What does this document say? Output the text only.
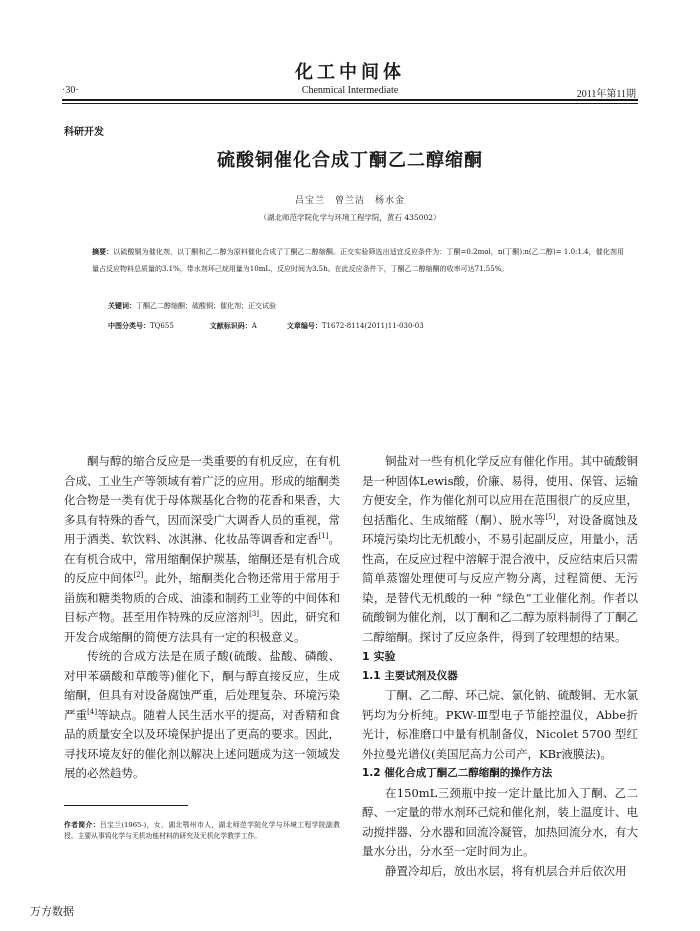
化工中间体
·30·	Chenmical Intermediate	2011年第11期
科研开发
硫酸铜催化合成丁酮乙二醇缩酮
吕宝兰　曾兰洁　杨水金
（湖北师范学院化学与环境工程学院，黄石 435002）
摘要：以硫酸铜为催化剂，以丁酮和乙二醇为原料催化合成了丁酮乙二醇缩酮。正交实验筛选出适宜反应条件为：丁酮=0.2mol，n(丁酮):n(乙二醇)= 1.0:1.4，催化剂用量占反应物料总质量的3.1%，带水剂环己烷用量为10mL，反应时间为3.5h。在此反应条件下，丁酮乙二醇缩酮的收率可达71.55%。
关键词：丁酮乙二醇缩酮；硫酸铜；催化剂；正交试验
中图分类号：TQ655	文献标识码：A	文章编号：T1672-8114(2011)11-030-03

酮与醇的缩合反应是一类重要的有机反应，在有机合成、工业生产等领域有着广泛的应用。形成的缩酮类化合物是一类有优于母体羰基化合物的花香和果香，大多具有特殊的香气，因而深受广大调香人员的重视，常用于酒类、软饮料、冰淇淋、化妆品等调香和定香[1]。在有机合成中，常用缩酮保护羰基，缩酮还是有机合成的反应中间体[2]。此外，缩酮类化合物还常用于常用于甾族和糖类物质的合成、油漆和制药工业等的中间体和目标产物。甚至用作特殊的反应溶剂[3]。因此，研究和开发合成缩酮的简便方法具有一定的积极意义。

传统的合成方法是在质子酸(硫酸、盐酸、磷酸、对甲苯磺酸和草酸等)催化下，酮与醇直接反应，生成缩酮，但具有对设备腐蚀严重，后处理复杂、环境污染严重[4]等缺点。随着人民生活水平的提高，对香精和食品的质量安全以及环境保护提出了更高的要求。因此，寻找环境友好的催化剂以解决上述问题成为这一领域发展的必然趋势。

铜盐对一些有机化学反应有催化作用。其中硫酸铜是一种固体Lewis酸，价廉、易得，使用、保管、运输方便安全，作为催化剂可以应用在范围很广的反应里，包括酯化、生成缩醛（酮）、脱水等[5]，对设备腐蚀及环境污染均比无机酸小，不易引起副反应，用量小，活性高，在反应过程中溶解于混合液中，反应结束后只需简单蒸馏处理便可与反应产物分离，过程简便、无污染，是替代无机酸的一种 “绿色”工业催化剂。作者以硫酸铜为催化剂，以丁酮和乙二醇为原料制得了丁酮乙二醇缩酮。探讨了反应条件，得到了较理想的结果。

1 实验

1.1 主要试剂及仪器

丁酮、乙二醇、环己烷、氯化钠、硫酸铜、无水氯钙均为分析纯。PKW-Ⅲ型电子节能控温仪，Abbe折光计，标准磨口中量有机制备仪，Nicolet 5700 型红外拉曼光谱仪(美国尼高力公司产，KBr液膜法)。

1.2 催化合成丁酮乙二醇缩酮的操作方法

在150mL三颈瓶中按一定计量比加入丁酮、乙二醇、一定量的带水剂环己烷和催化剂，装上温度计、电动搅拌器、分水器和回流冷凝管，加热回流分水，有大量水分出，分水至一定时间为止。

静置冷却后，放出水层，将有机层合并后依次用

作者简介：吕宝兰(1965-)，女，湖北鄂州市人，湖北师范学院化学与环境工程学院副教授。主要从事钨化学与无机功能材料的研究及无机化学教学工作。
万方数据
